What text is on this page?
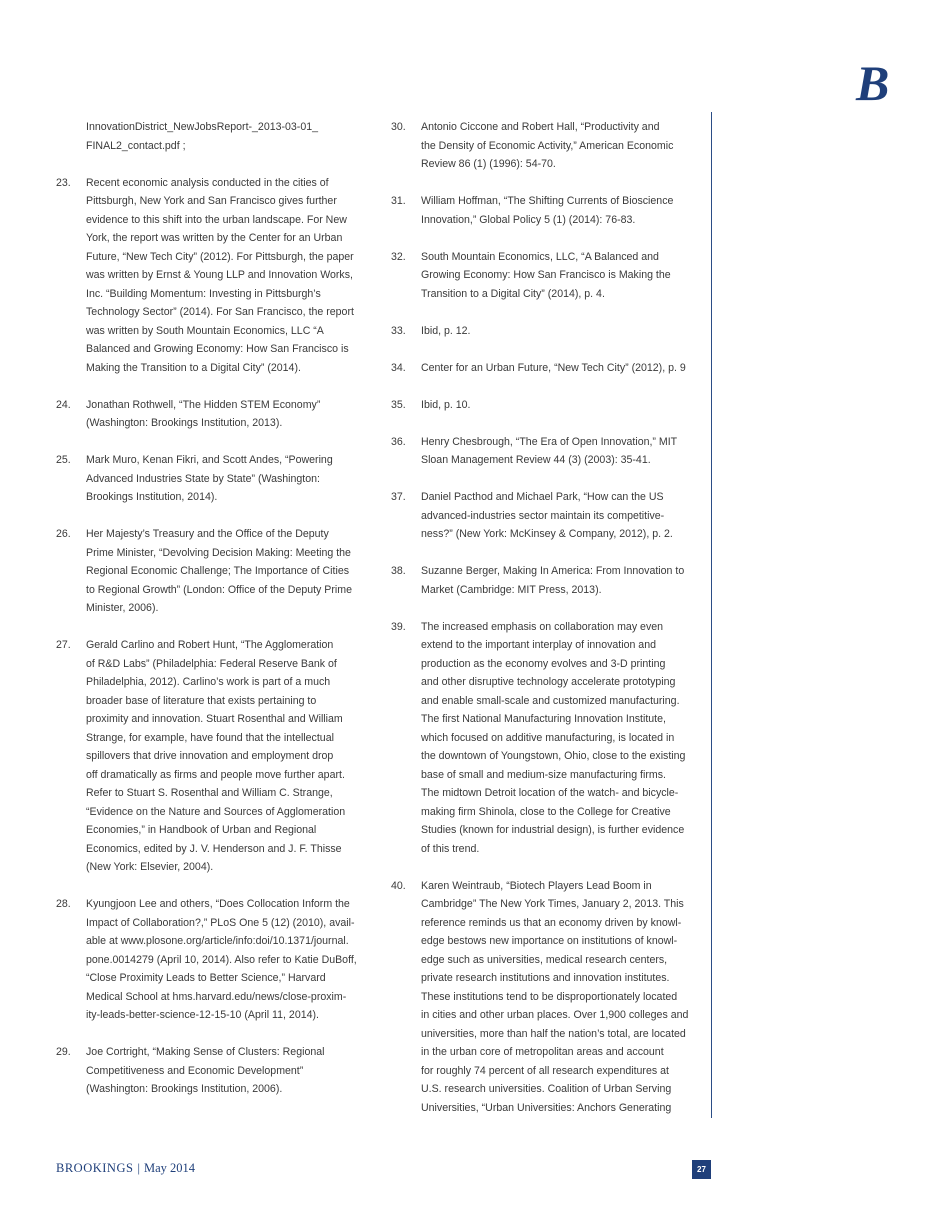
B
InnovationDistrict_NewJobsReport-_2013-03-01_
FINAL2_contact.pdf ;
23.	Recent economic analysis conducted in the cities of
Pittsburgh, New York and San Francisco gives further
evidence to this shift into the urban landscape. For New
York, the report was written by the Center for an Urban
Future, “New Tech City” (2012). For Pittsburgh, the paper
was written by Ernst & Young LLP and Innovation Works,
Inc. “Building Momentum: Investing in Pittsburgh’s
Technology Sector” (2014). For San Francisco, the report
was written by South Mountain Economics, LLC “A
Balanced and Growing Economy: How San Francisco is
Making the Transition to a Digital City” (2014).
24.	Jonathan Rothwell, “The Hidden STEM Economy”
(Washington: Brookings Institution, 2013).
25.	Mark Muro, Kenan Fikri, and Scott Andes, “Powering
Advanced Industries State by State” (Washington:
Brookings Institution, 2014).
26.	Her Majesty’s Treasury and the Office of the Deputy
Prime Minister, “Devolving Decision Making: Meeting the
Regional Economic Challenge; The Importance of Cities
to Regional Growth” (London: Office of the Deputy Prime
Minister, 2006).
27.	Gerald Carlino and Robert Hunt, “The Agglomeration
of R&D Labs” (Philadelphia: Federal Reserve Bank of
Philadelphia, 2012). Carlino’s work is part of a much
broader base of literature that exists pertaining to
proximity and innovation. Stuart Rosenthal and William
Strange, for example, have found that the intellectual
spillovers that drive innovation and employment drop
off dramatically as firms and people move further apart.
Refer to Stuart S. Rosenthal and William C. Strange,
“Evidence on the Nature and Sources of Agglomeration
Economies,” in Handbook of Urban and Regional
Economics, edited by J. V. Henderson and J. F. Thisse
(New York: Elsevier, 2004).
28.	Kyungjoon Lee and others, “Does Collocation Inform the
Impact of Collaboration?,” PLoS One 5 (12) (2010), avail-
able at www.plosone.org/article/info:doi/10.1371/journal.
pone.0014279 (April 10, 2014). Also refer to Katie DuBoff,
“Close Proximity Leads to Better Science,” Harvard
Medical School at hms.harvard.edu/news/close-proxim-
ity-leads-better-science-12-15-10 (April 11, 2014).
29.	Joe Cortright, “Making Sense of Clusters: Regional
Competitiveness and Economic Development”
(Washington: Brookings Institution, 2006).
30.	Antonio Ciccone and Robert Hall, “Productivity and
the Density of Economic Activity,” American Economic
Review 86 (1) (1996): 54-70.
31.	William Hoffman, “The Shifting Currents of Bioscience
Innovation,” Global Policy 5 (1) (2014): 76-83.
32.	South Mountain Economics, LLC, “A Balanced and
Growing Economy: How San Francisco is Making the
Transition to a Digital City” (2014), p. 4.
33.	Ibid, p. 12.
34.	Center for an Urban Future, “New Tech City” (2012), p. 9
35.	Ibid, p. 10.
36.	Henry Chesbrough, “The Era of Open Innovation,” MIT
Sloan Management Review 44 (3) (2003): 35-41.
37.	Daniel Pacthod and Michael Park, “How can the US
advanced-industries sector maintain its competitive-
ness?” (New York: McKinsey & Company, 2012), p. 2.
38.	Suzanne Berger, Making In America: From Innovation to
Market (Cambridge: MIT Press, 2013).
39.	The increased emphasis on collaboration may even
extend to the important interplay of innovation and
production as the economy evolves and 3-D printing
and other disruptive technology accelerate prototyping
and enable small-scale and customized manufacturing.
The first National Manufacturing Innovation Institute,
which focused on additive manufacturing, is located in
the downtown of Youngstown, Ohio, close to the existing
base of small and medium-size manufacturing firms.
The midtown Detroit location of the watch- and bicycle-
making firm Shinola, close to the College for Creative
Studies (known for industrial design), is further evidence
of this trend.
40.	Karen Weintraub, “Biotech Players Lead Boom in
Cambridge” The New York Times, January 2, 2013. This
reference reminds us that an economy driven by knowl-
edge bestows new importance on institutions of knowl-
edge such as universities, medical research centers,
private research institutions and innovation institutes.
These institutions tend to be disproportionately located
in cities and other urban places. Over 1,900 colleges and
universities, more than half the nation’s total, are located
in the urban core of metropolitan areas and account
for roughly 74 percent of all research expenditures at
U.S. research universities. Coalition of Urban Serving
Universities, “Urban Universities: Anchors Generating
BROOKINGS | May 2014	27
